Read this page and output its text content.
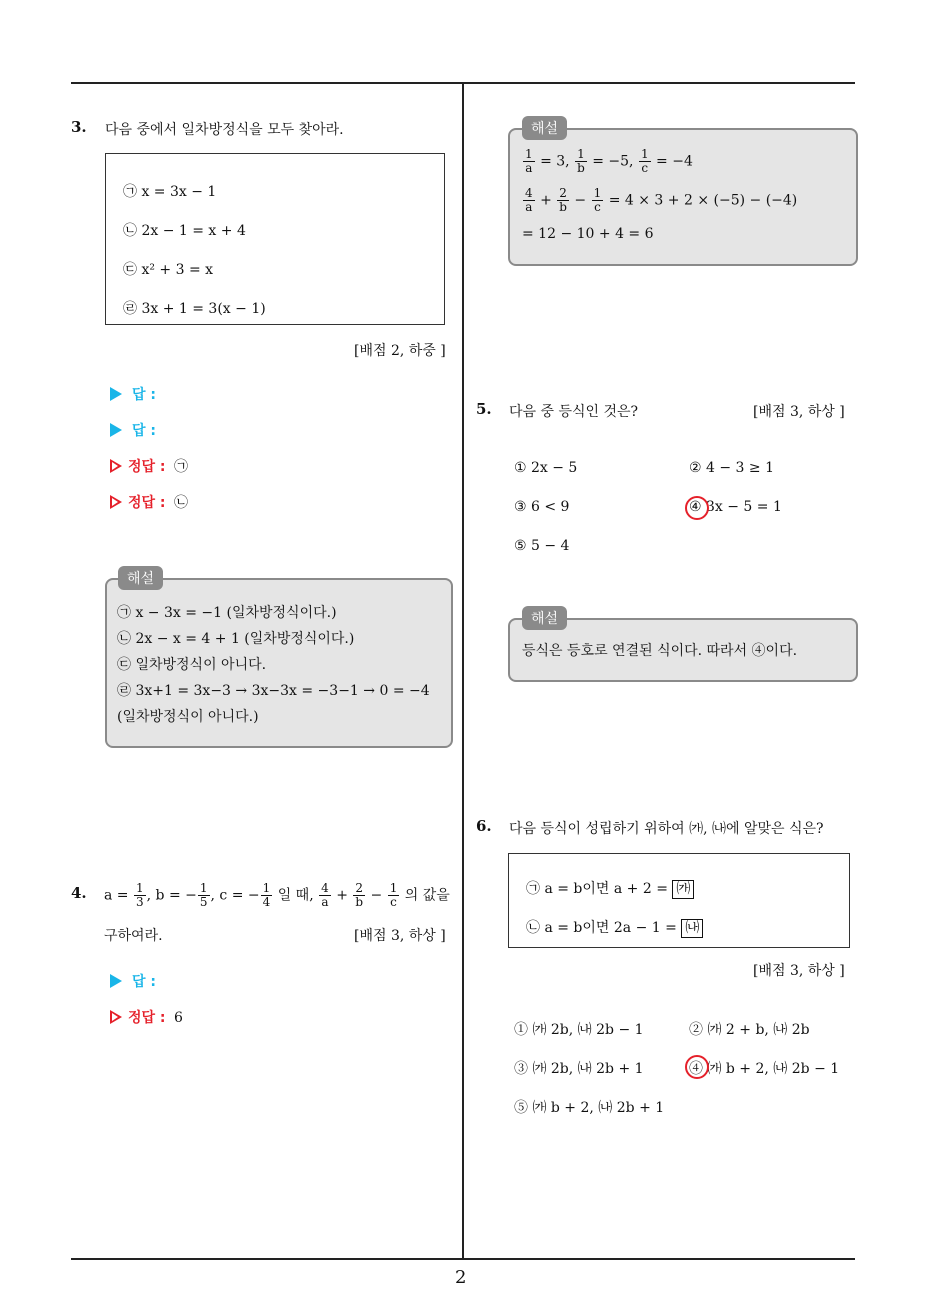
2
3. 다음 중에서 일차방정식을 모두 찾아라.
㉠ x = 3x − 1
㉡ 2x − 1 = x + 4
㉢ x² + 3 = x
㉣ 3x + 1 = 3(x − 1)
[배점 2, 하중 ]
답 :
답 :
정답 : ㉠
정답 : ㉡
㉠ x − 3x = −1 (일차방정식이다.)
㉡ 2x − x = 4 + 1 (일차방정식이다.)
㉢ 일차방정식이 아니다.
㉣ 3x+1 = 3x−3 → 3x−3x = −3−1 → 0 = −4
(일차방정식이 아니다.)
해설
4. $a = \frac{1}{3}$ , b = − $\frac{1}{5}$ , c = − $\frac{1}{4}$ 일 때, $\frac{4}{a} + \frac{2}{b} - \frac{1}{c}$ 의 값을
구하여라.	[배점 3, 하상 ]
답 :
정답 : 6
$\frac{1}{a} = 3$, $\frac{1}{b} = -5$, $\frac{1}{c} = -4$
$\frac{4}{a} + \frac{2}{b} - \frac{1}{c} = 4 \times 3 + 2 \times (-5) - (-4)$
= 12 − 10 + 4 = 6
해설
5. 다음 중 등식인 것은?	[배점 3, 하상 ]
① 2x − 5	② 4 − 3 ≥ 1
③ 6 < 9	④ 3x − 5 = 1
⑤ 5 − 4
등식은 등호로 연결된 식이다. 따라서 ④이다.
해설
6. 다음 등식이 성립하기 위하여 ㈎, ㈏에 알맞은 식은?
㉠ a = b이면 a + 2 = ㈎
㉡ a = b이면 2a − 1 = ㈏
[배점 3, 하상 ]
① ㈎ 2b, ㈏ 2b − 1	② ㈎ 2 + b, ㈏ 2b
③ ㈎ 2b, ㈏ 2b + 1	④ ㈎ b + 2, ㈏ 2b − 1
⑤ ㈎ b + 2, ㈏ 2b + 1
